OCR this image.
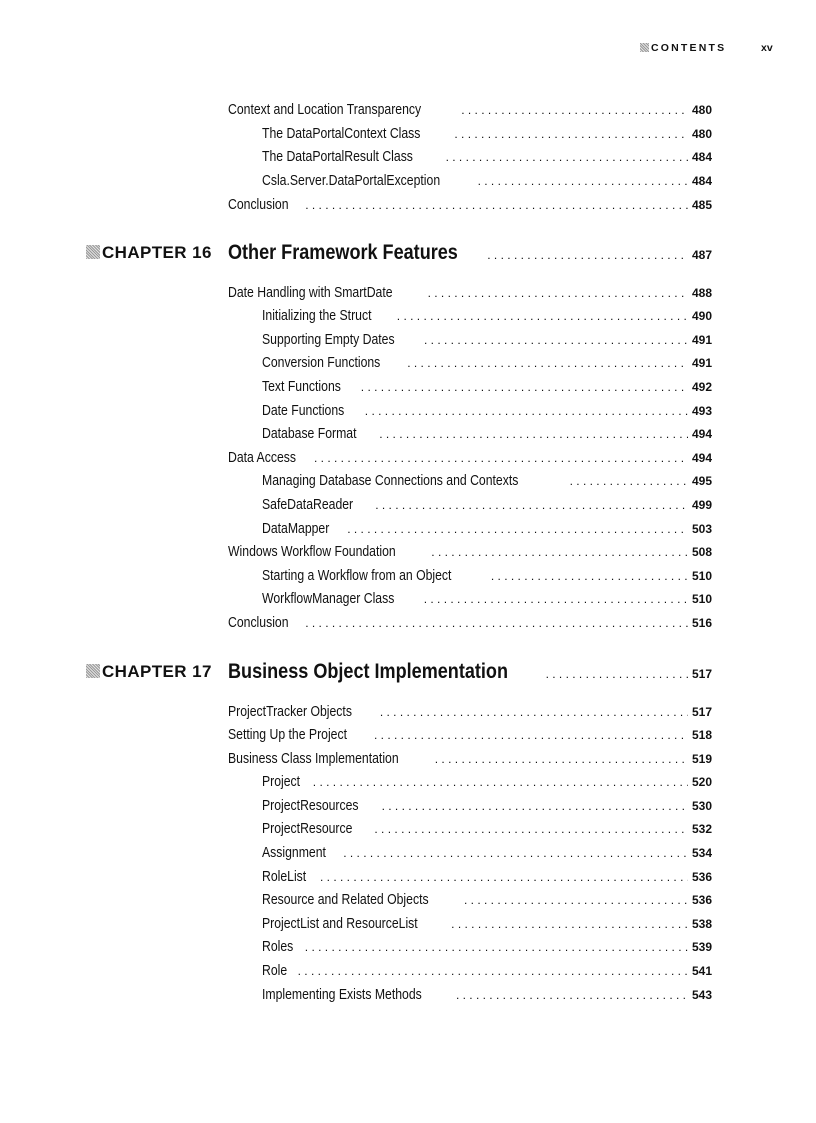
CONTENTS	xv
Context and Location Transparency . . .	480
The DataPortalContext Class . . .	480
The DataPortalResult Class . . .	484
Csla.Server.DataPortalException . . .	484
Conclusion . . .	485
CHAPTER 16 Other Framework Features . . .	487
Date Handling with SmartDate . . .	488
Initializing the Struct . . .	490
Supporting Empty Dates . . .	491
Conversion Functions . . .	491
Text Functions . . .	492
Date Functions . . .	493
Database Format . . .	494
Data Access . . .	494
Managing Database Connections and Contexts . . .	495
SafeDataReader . . .	499
DataMapper . . .	503
Windows Workflow Foundation . . .	508
Starting a Workflow from an Object . . .	510
WorkflowManager Class . . .	510
Conclusion . . .	516
CHAPTER 17 Business Object Implementation . . .	517
ProjectTracker Objects . . .	517
Setting Up the Project . . .	518
Business Class Implementation . . .	519
Project . . .	520
ProjectResources . . .	530
ProjectResource . . .	532
Assignment . . .	534
RoleList . . .	536
Resource and Related Objects . . .	536
ProjectList and ResourceList . . .	538
Roles . . .	539
Role . . .	541
Implementing Exists Methods . . .	543
